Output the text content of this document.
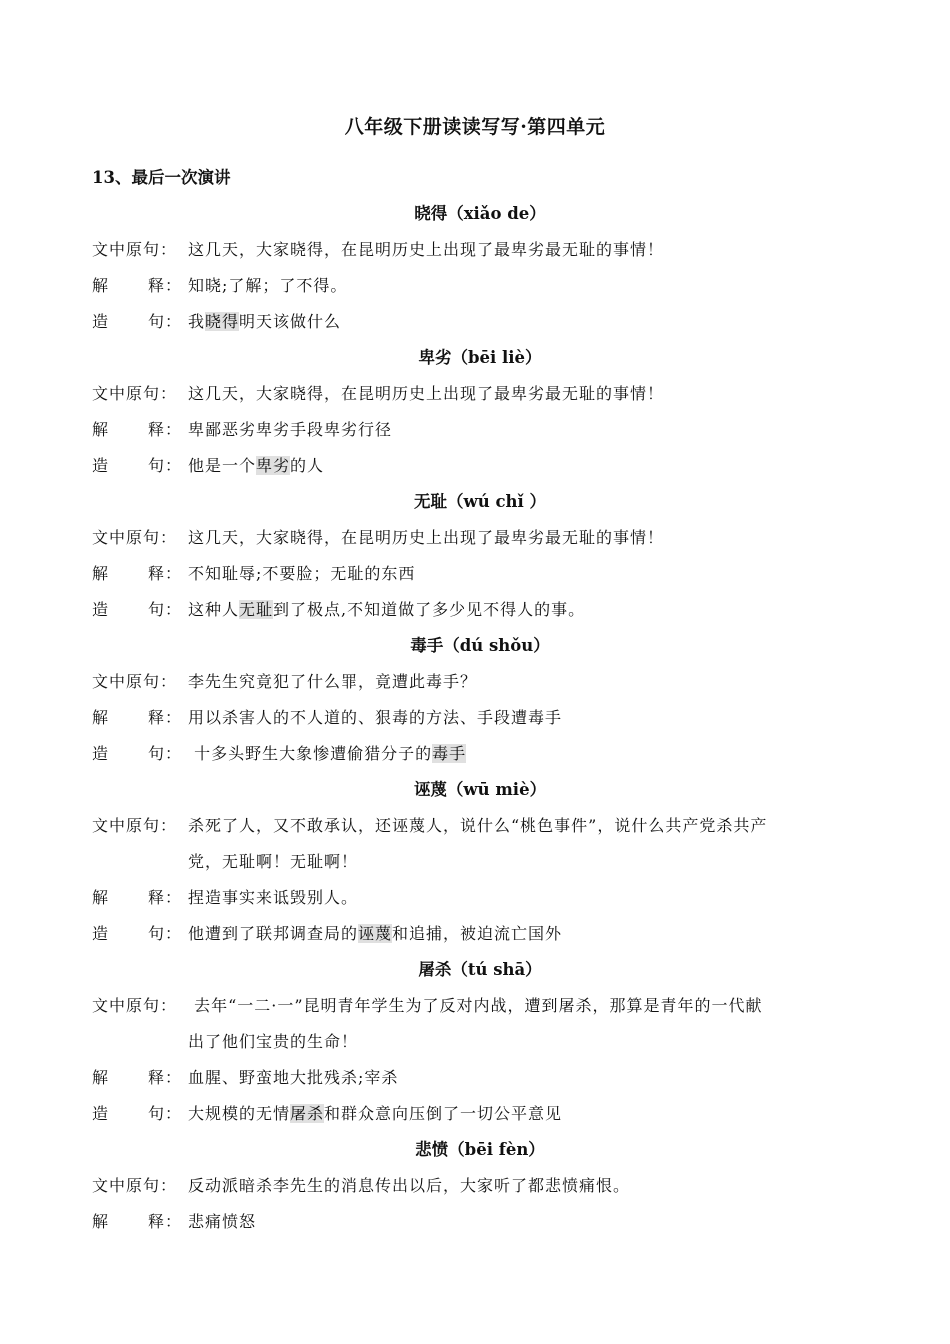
八年级下册读读写写·第四单元
13、最后一次演讲
晓得（xiǎo de）
文中原句： 这几天，大家晓得，在昆明历史上出现了最卑劣最无耻的事情！
解	释： 知晓;了解；了不得。
造	句： 我晓得明天该做什么
卑劣（bēi liè）
文中原句： 这几天，大家晓得，在昆明历史上出现了最卑劣最无耻的事情！
解	释： 卑鄙恶劣卑劣手段卑劣行径
造	句： 他是一个卑劣的人
无耻（wú chǐ ）
文中原句： 这几天，大家晓得，在昆明历史上出现了最卑劣最无耻的事情！
解	释： 不知耻辱;不要脸；无耻的东西
造	句： 这种人无耻到了极点,不知道做了多少见不得人的事。
毒手（dú shǒu）
文中原句： 李先生究竟犯了什么罪，竟遭此毒手？
解	释： 用以杀害人的不人道的、狠毒的方法、手段遭毒手
造	句： 十多头野生大象惨遭偷猎分子的毒手
诬蔑（wū miè）
文中原句： 杀死了人，又不敢承认，还诬蔑人，说什么“桃色事件”，说什么共产党杀共产
党，无耻啊！无耻啊！
解	释： 捏造事实来诋毁别人。
造	句： 他遭到了联邦调查局的诬蔑和追捕，被迫流亡国外
屠杀（tú shā）
文中原句： 去年“一二·一”昆明青年学生为了反对内战，遭到屠杀，那算是青年的一代献
出了他们宝贵的生命！
解	释： 血腥、野蛮地大批残杀;宰杀
造	句： 大规模的无情屠杀和群众意向压倒了一切公平意见
悲愤（bēi fèn）
文中原句： 反动派暗杀李先生的消息传出以后，大家听了都悲愤痛恨。
解	释： 悲痛愤怒
